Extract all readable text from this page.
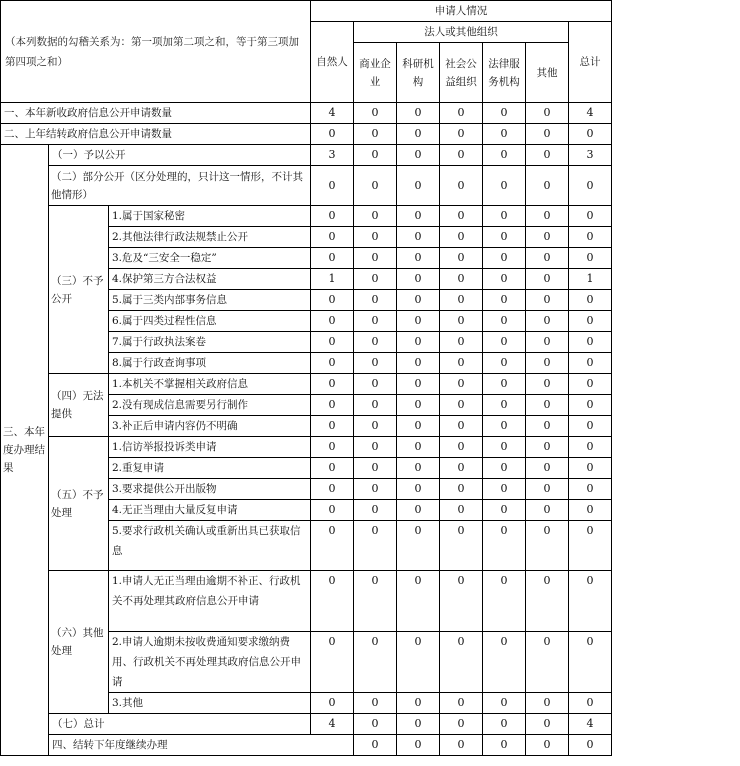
（本列数据的勾稽关系为：第一项加第二项之和，等于第三项加第四项之和）			申请人情况							
			自然人	法人或其他组织					总计	
				商业企业	科研机构	社会公益组织	法律服务机构	其他		
一、本年新收政府信息公开申请数量			4	0	0	0	0	0	4	
二、上年结转政府信息公开申请数量			0	0	0	0	0	0	0	
三、本年度办理结果	（一）予以公开		3	0	0	0	0	0	3	
	（二）部分公开（区分处理的，只计这一情形，不计其他情形）		0	0	0	0	0	0	0	
	（三）不予公开	1.属于国家秘密	0	0	0	0	0	0	0	
		2.其他法律行政法规禁止公开	0	0	0	0	0	0	0	
		3.危及“三安全一稳定”	0	0	0	0	0	0	0	
		4.保护第三方合法权益	1	0	0	0	0	0	1	
		5.属于三类内部事务信息	0	0	0	0	0	0	0	
		6.属于四类过程性信息	0	0	0	0	0	0	0	
		7.属于行政执法案卷	0	0	0	0	0	0	0	
		8.属于行政查询事项	0	0	0	0	0	0	0	
	（四）无法提供	1.本机关不掌握相关政府信息	0	0	0	0	0	0	0	
		2.没有现成信息需要另行制作	0	0	0	0	0	0	0	
		3.补正后申请内容仍不明确	0	0	0	0	0	0	0	
	（五）不予处理	1.信访举报投诉类申请	0	0	0	0	0	0	0	
		2.重复申请	0	0	0	0	0	0	0	
		3.要求提供公开出版物	0	0	0	0	0	0	0	
		4.无正当理由大量反复申请	0	0	0	0	0	0	0	
		5.要求行政机关确认或重新出具已获取信息	0	0	0	0	0	0	0	
	（六）其他处理	1.申请人无正当理由逾期不补正、行政机关不再处理其政府信息公开申请	0	0	0	0	0	0	0	
		2.申请人逾期未按收费通知要求缴纳费用、行政机关不再处理其政府信息公开申请	0	0	0	0	0	0	0	
		3.其他	0	0	0	0	0	0	0	
	（七）总计		4	0	0	0	0	0	4	
	四、结转下年度继续办理			0	0	0	0	0	0	
